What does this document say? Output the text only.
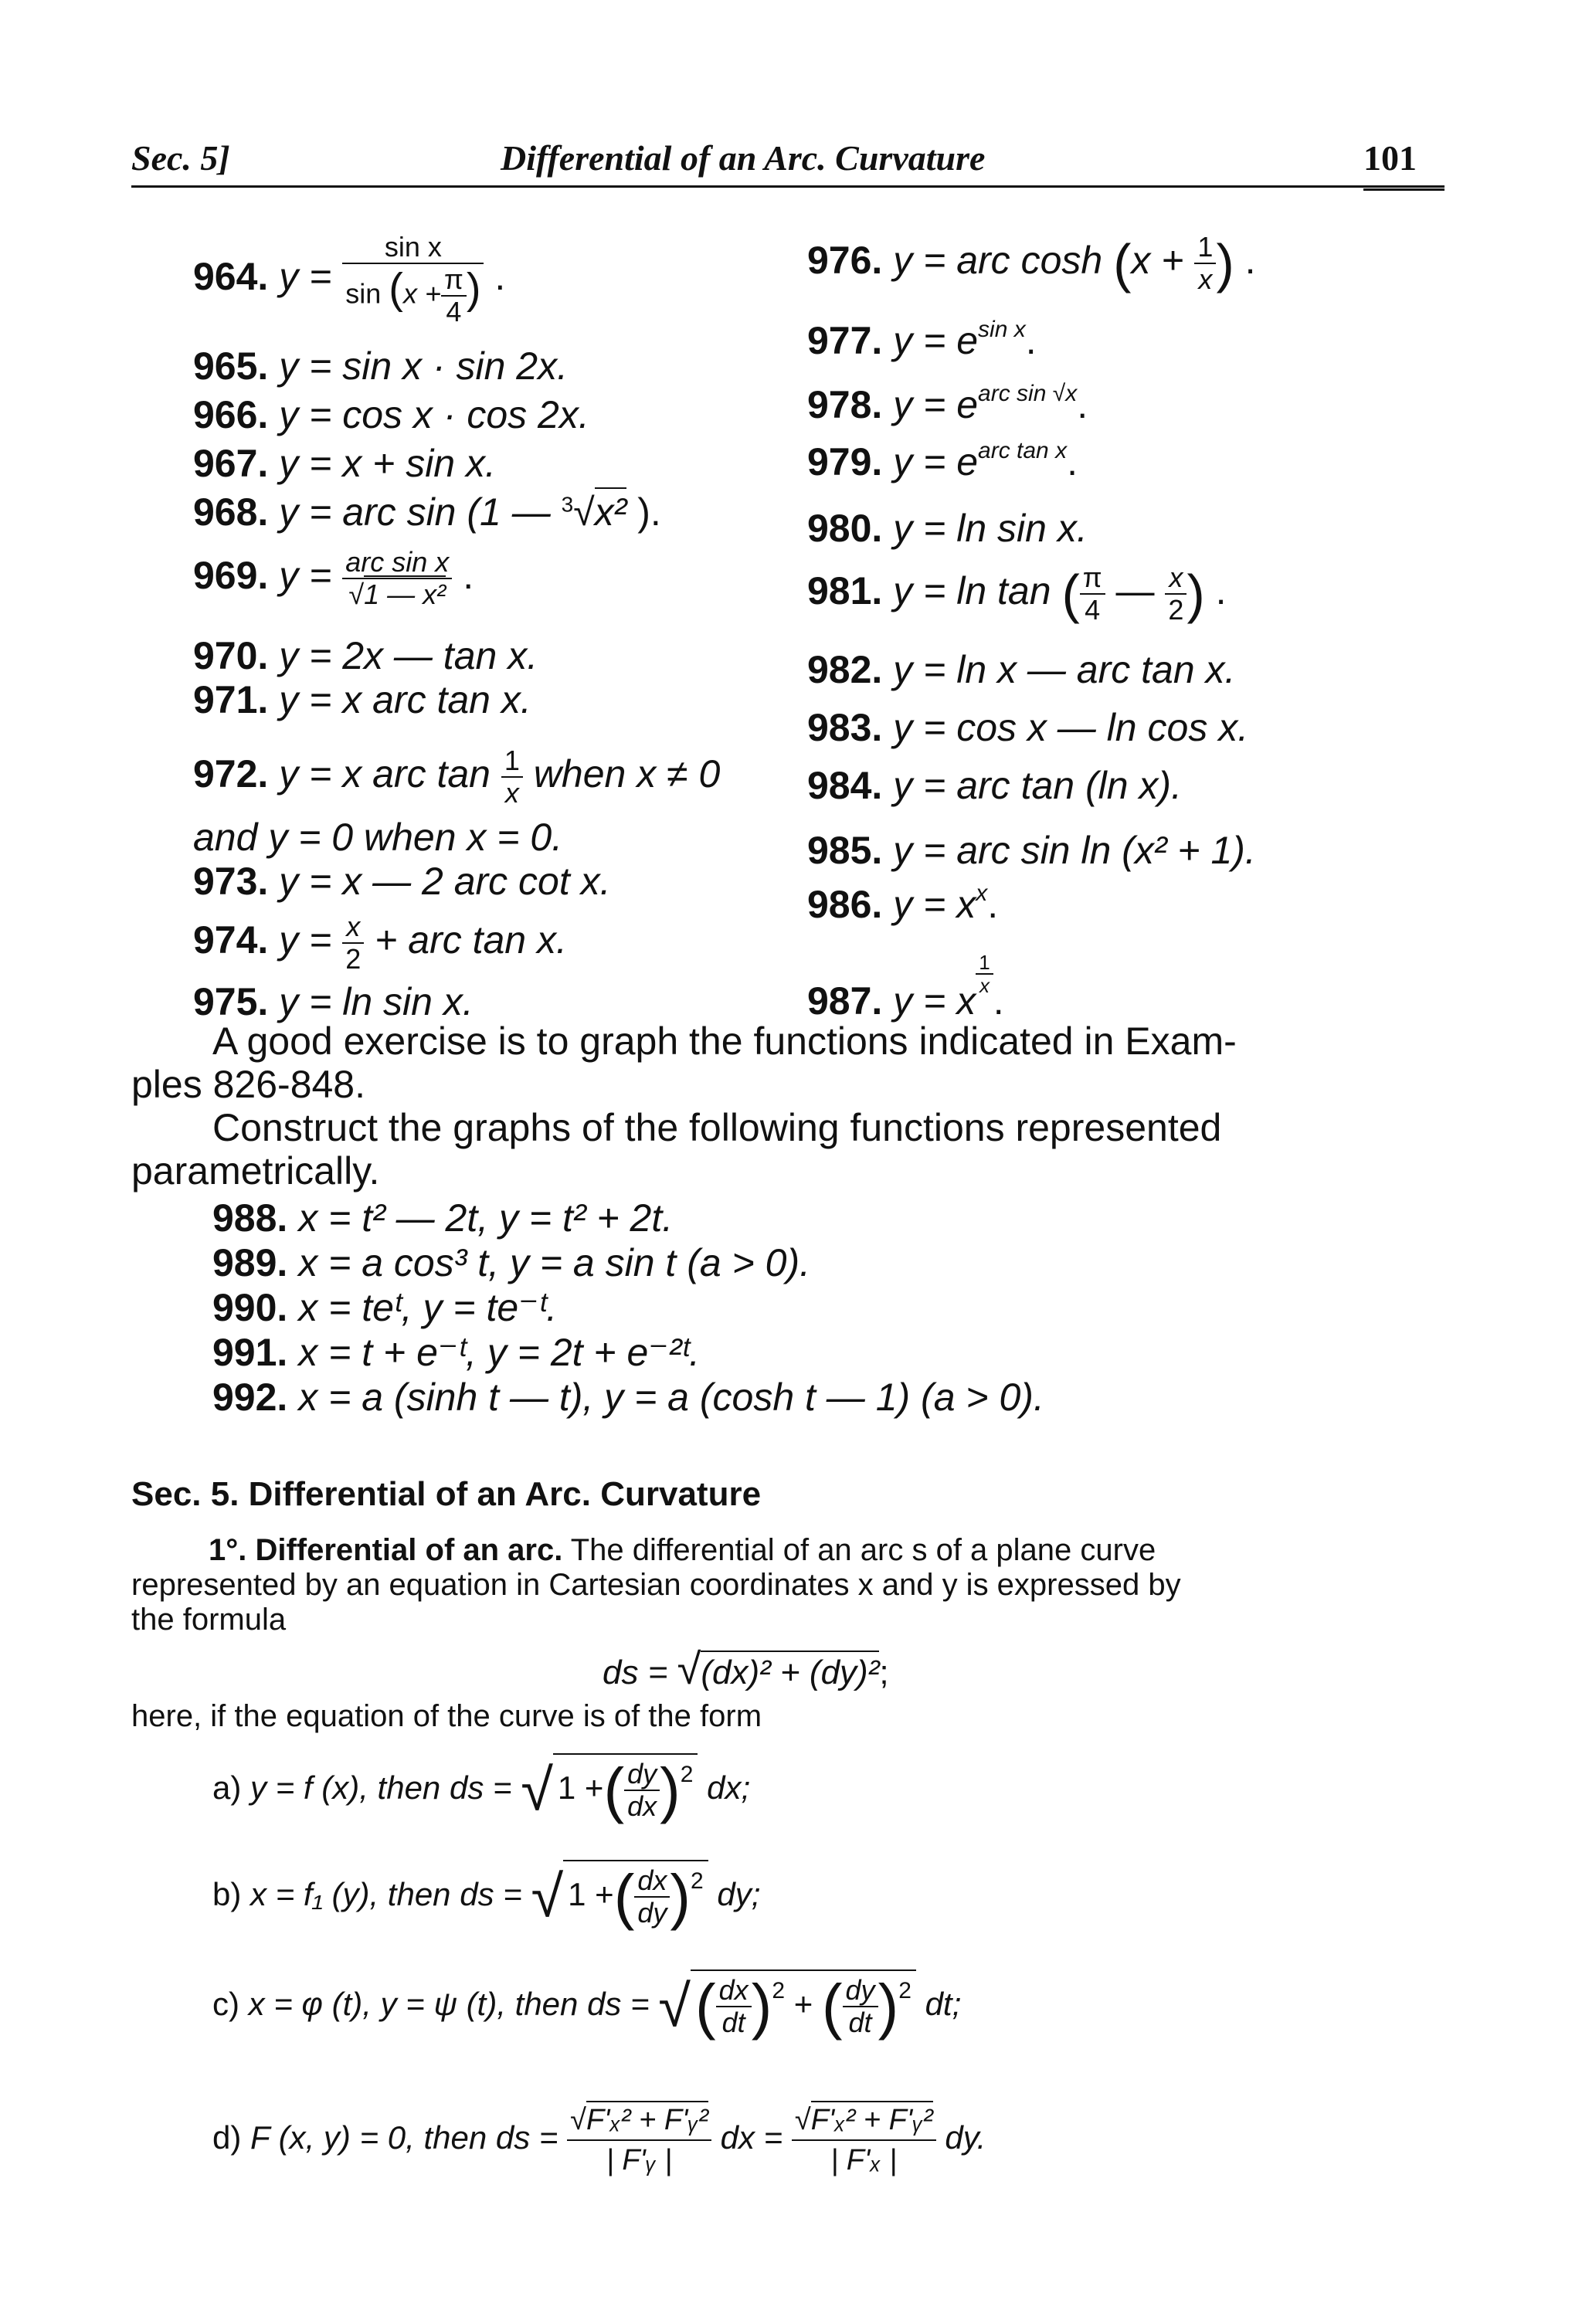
Sec. 5]	Differential of an Arc. Curvature	101
964. $y = \frac{\text{sin x}}{\sin (x + \frac{\pi}{4} )}$ .
965. y = sin x · sin 2x.
966. y = cos x · cos 2x.
967. y = x + sin x.
968. y = arc sin (1 — $^3$√x² ).
969. $y = \frac{\text{arc sin x}}{\text{√1 — x²}}$ .
970. y = 2x — tan x.
971. y = x arc tan x.
972. y = x arc $\tan \frac{1}{x}$ when x ≠ 0
and y = 0 when x = 0.
973. y = x — 2 arc cot x.
974. $y = \frac{x}{2}$ + arc tan x.
975. y = ln sin x.
976. y = arc $\cosh (x + \frac{1}{x}$ ) .
977. $y = e^{sin x}$.
978. $y = e^{arc sin √x}$.
979. $y = e^{arc tan x}$.
980. y = ln sin x.
981. y = ln tan ( $\frac{\pi}{4}$ — $\frac{x}{2}$ ) .
982. y = ln x — arc tan x.
983. y = cos x — ln cos x.
984. y = arc tan (ln x).
985. y = arc sin ln (x² + 1).
986. $y = x^x$.
987. y = x
$\frac{1}{x}$
.
A good exercise is to graph the functions indicated in Exam-
ples 826-848.
Construct the graphs of the following functions represented
parametrically.
988. x = t² — 2t, y = t² + 2t.
989. x = a cos³ t, y = a sin t (a > 0).
990. x = teᵗ, y = te⁻ᵗ.
991. x = t + e⁻ᵗ, y = 2t + e⁻²ᵗ.
992. x = a (sinh t — t), y = a (cosh t — 1) (a > 0).
Sec. 5. Differential of an Arc. Curvature
1°. Differential of an arc. The differential of an arc s of a plane curve
represented by an equation in Cartesian coordinates x and y is expressed by
the formula
ds = √(dx)² + (dy)²;
here, if the equation of the curve is of the form
a) y = f (x), then ds = √ 1 +( $\frac{dy}{dx} )^2$ dx;
b) x = f₁ (y), then ds = √ 1 +( $\frac{dx}{dy} )^2$ dy;
c) x = φ (t), y = ψ (t), then ds = √( $\frac{dx}{dt} )^2$ + ( $\frac{dy}{dt} )^2$ dt;
d) F (x, y) = 0, then ds = $\frac{\text{√F'ₓ² + F'ᵧ²}}{\text{| F'ᵧ |}}$ dx = $\frac{\text{√F'ₓ² + F'ᵧ²}}{\text{| F'ₓ |}}$ dy.
